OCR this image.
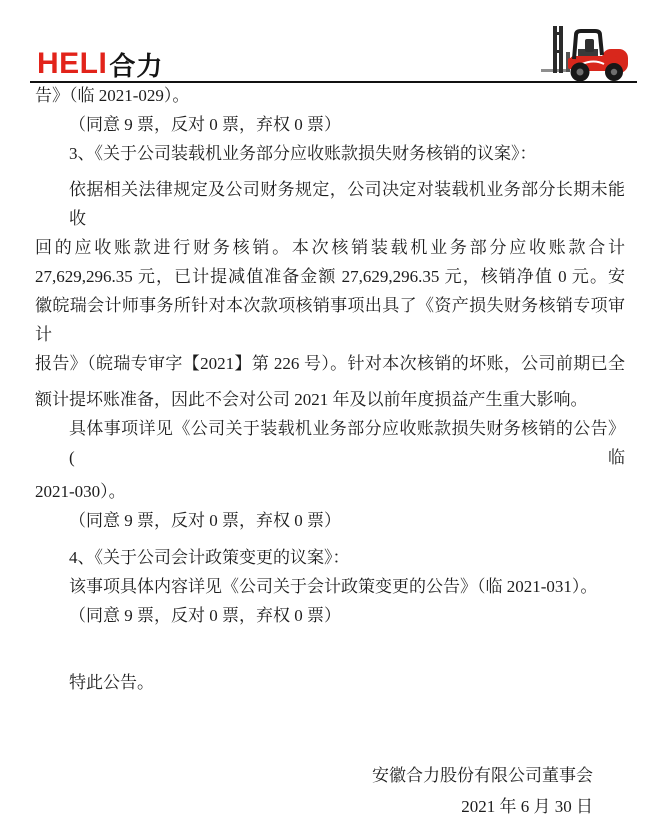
HELI 合力
告》（临 2021-029）。
（同意 9 票，反对 0 票，弃权 0 票）
3、《关于公司装载机业务部分应收账款损失财务核销的议案》：
依据相关法律规定及公司财务规定，公司决定对装载机业务部分长期未能收
回的应收账款进行财务核销。本次核销装载机业务部分应收账款合计
27,629,296.35 元，已计提减值准备金额 27,629,296.35 元，核销净值 0 元。安
徽皖瑞会计师事务所针对本次款项核销事项出具了《资产损失财务核销专项审计
报告》（皖瑞专审字【2021】第 226 号）。针对本次核销的坏账，公司前期已全
额计提坏账准备，因此不会对公司 2021 年及以前年度损益产生重大影响。
具体事项详见《公司关于装载机业务部分应收账款损失财务核销的公告》(临
2021-030）。
（同意 9 票，反对 0 票，弃权 0 票）
4、《关于公司会计政策变更的议案》：
该事项具体内容详见《公司关于会计政策变更的公告》（临 2021-031）。
（同意 9 票，反对 0 票，弃权 0 票）
特此公告。
安徽合力股份有限公司董事会
2021 年 6 月 30 日
